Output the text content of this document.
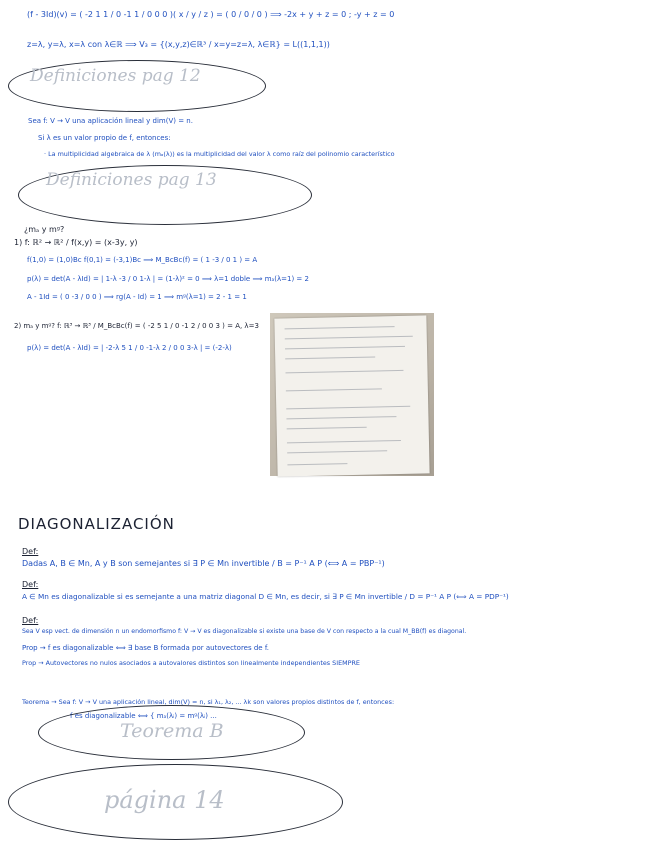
(f - 3Id)(v) = ( -2 1 1 / 0 -1 1 / 0 0 0 )( x / y / z ) = ( 0 / 0 / 0 ) ⟹ -2x + y + z = 0 ; -y + z = 0
z=λ, y=λ, x=λ con λ∈ℝ ⟹ V₃ = {(x,y,z)∈ℝ³ / x=y=z=λ, λ∈ℝ} = L((1,1,1))
Definiciones pag 12
Sea f: V → V una aplicación lineal y dim(V) = n.
Si λ es un valor propio de f, entonces:
· La multiplicidad algebraica de λ (mₐ(λ)) es la multiplicidad del valor λ como raíz del polinomio característico
Definiciones pag 13
¿mₐ y mᵍ?
1) f: ℝ² → ℝ² / f(x,y) = (x-3y, y)
f(1,0) = (1,0)Bc f(0,1) = (-3,1)Bc ⟹ M_BcBc(f) = ( 1 -3 / 0 1 ) = A
p(λ) = det(A - λId) = | 1-λ -3 / 0 1-λ | = (1-λ)² = 0 ⟹ λ=1 doble ⟹ mₐ(λ=1) = 2
A - 1Id = ( 0 -3 / 0 0 ) ⟹ rg(A - Id) = 1 ⟹ mᵍ(λ=1) = 2 - 1 = 1
2) mₐ y mᵍ? f: ℝ³ → ℝ³ / M_BcBc(f) = ( -2 5 1 / 0 -1 2 / 0 0 3 ) = A, λ=3
p(λ) = det(A - λId) = | -2-λ 5 1 / 0 -1-λ 2 / 0 0 3-λ | = (-2-λ)
DIAGONALIZACIÓN
Def:
Dadas A, B ∈ Mn, A y B son semejantes si ∃ P ∈ Mn invertible / B = P⁻¹ A P (⟺ A = PBP⁻¹)
Def:
A ∈ Mn es diagonalizable si es semejante a una matriz diagonal D ∈ Mn, es decir, si ∃ P ∈ Mn invertible / D = P⁻¹ A P (⟺ A = PDP⁻¹)
Def:
Sea V esp vect. de dimensión n un endomorfismo f: V → V es diagonalizable si existe una base de V con respecto a la cual M_BB(f) es diagonal.
Prop → f es diagonalizable ⟺ ∃ base B formada por autovectores de f.
Prop → Autovectores no nulos asociados a autovalores distintos son linealmente independientes SIEMPRE
Teorema → Sea f: V → V una aplicación lineal, dim(V) = n, si λ₁, λ₂, ... λk son valores propios distintos de f, entonces:
f es diagonalizable ⟺ { mₐ(λᵢ) = mᵍ(λᵢ) ...
Teorema B
página 14
